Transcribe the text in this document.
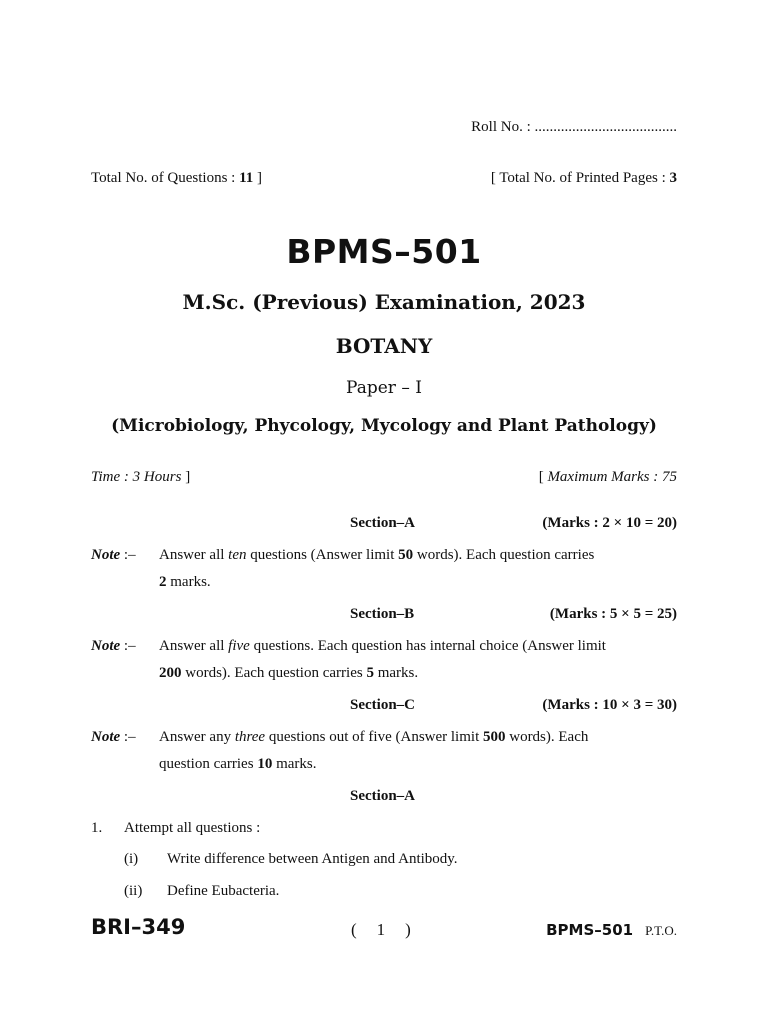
Roll No. : ......................................
Total No. of Questions : 11 ]	[ Total No. of Printed Pages : 3
BPMS–501
M.Sc. (Previous) Examination, 2023
BOTANY
Paper – I
(Microbiology, Phycology, Mycology and Plant Pathology)
Time : 3 Hours ]	[ Maximum Marks : 75
Section–A	(Marks : 2 × 10 = 20)
Note :– Answer all ten questions (Answer limit 50 words). Each question carries
2 marks.
Section–B	(Marks : 5 × 5 = 25)
Note :– Answer all five questions. Each question has internal choice (Answer limit
200 words). Each question carries 5 marks.
Section–C	(Marks : 10 × 3 = 30)
Note :– Answer any three questions out of five (Answer limit 500 words). Each
question carries 10 marks.
Section–A
1. Attempt all questions :
(i) Write difference between Antigen and Antibody.
(ii) Define Eubacteria.
BRI–349	( 1 )	BPMS–501 P.T.O.
